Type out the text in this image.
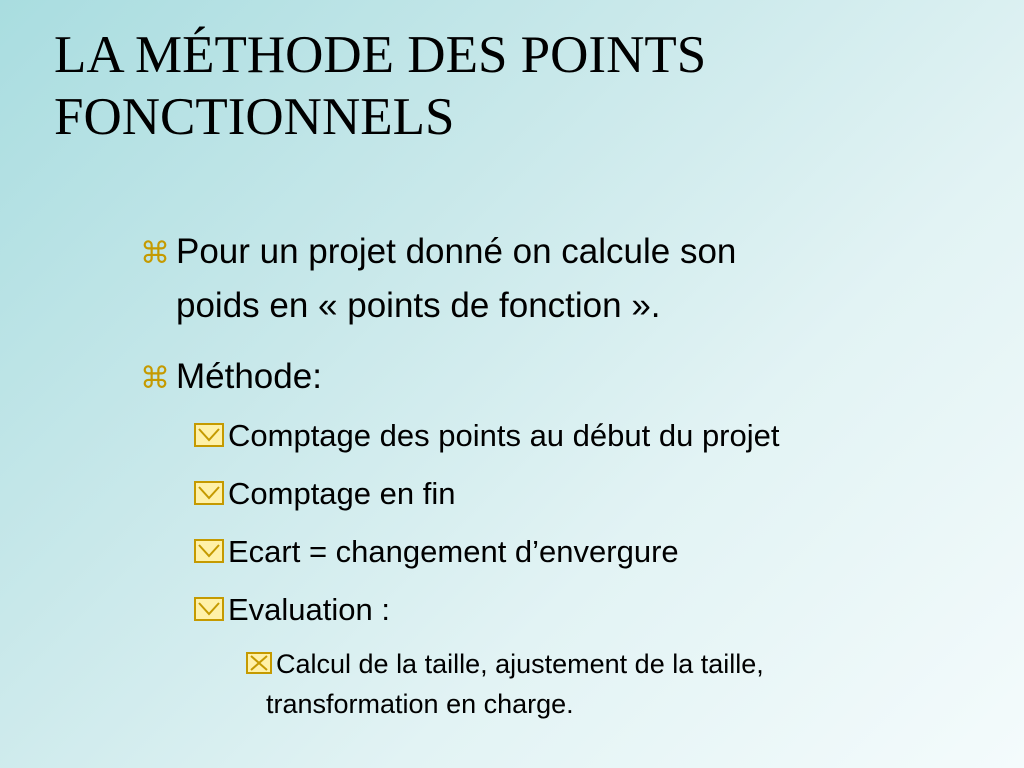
LA MÉTHODE DES POINTS
FONCTIONNELS
⌘ Pour un projet donné on calcule son
poids en « points de fonction ».
⌘ Méthode:
Comptage des points au début du projet
Comptage en fin
Ecart = changement d’envergure
Evaluation :
Calcul de la taille, ajustement de la taille,
transformation en charge.
